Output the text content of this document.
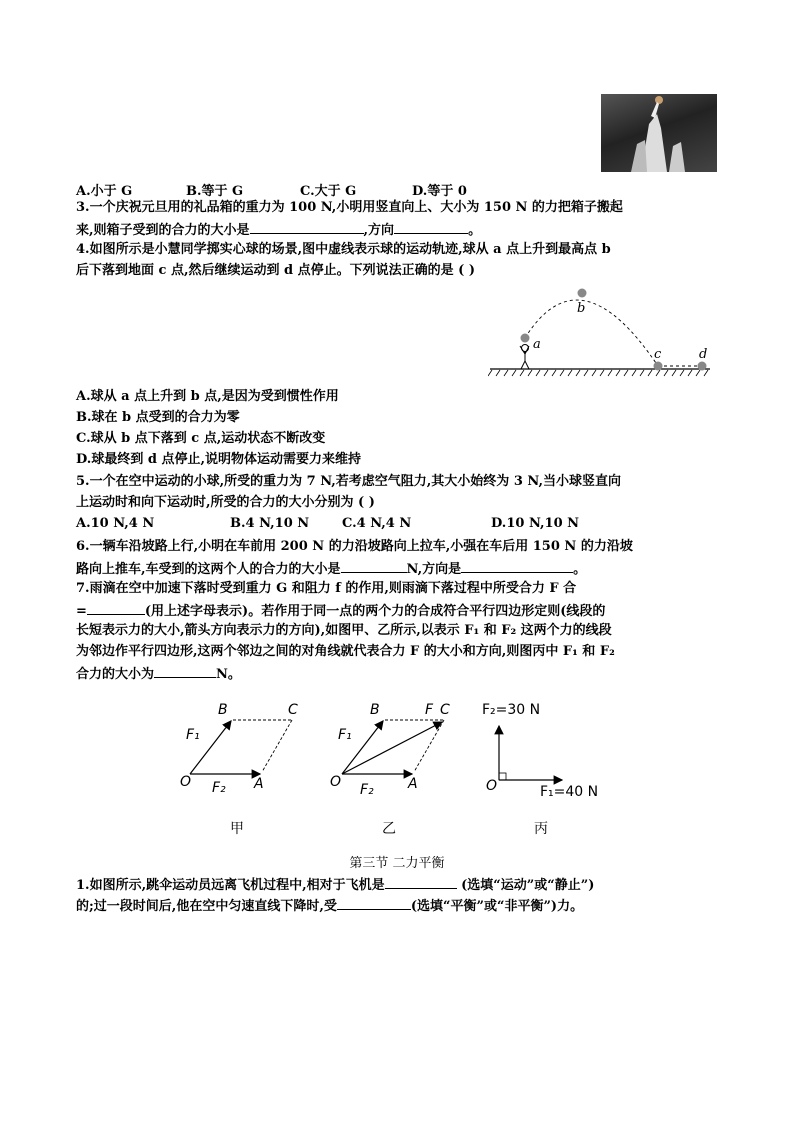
A.小于 G	B.等于 G	C.大于 G	D.等于 0
3.一个庆祝元旦用的礼品箱的重力为 100 N,小明用竖直向上、大小为 150 N 的力把箱子搬起
来,则箱子受到的合力的大小是	,方向	。
4.如图所示是小慧同学掷实心球的场景,图中虚线表示球的运动轨迹,球从 a 点上升到最高点 b
后下落到地面 c 点,然后继续运动到 d 点停止。下列说法正确的是 ( )
a
b
c	d
A.球从 a 点上升到 b 点,是因为受到惯性作用
B.球在 b 点受到的合力为零
C.球从 b 点下落到 c 点,运动状态不断改变
D.球最终到 d 点停止,说明物体运动需要力来维持
5.一个在空中运动的小球,所受的重力为 7 N,若考虑空气阻力,其大小始终为 3 N,当小球竖直向
上运动时和向下运动时,所受的合力的大小分别为 ( )
A.10 N,4 N	B.4 N,10 N	C.4 N,4 N	D.10 N,10 N
6.一辆车沿坡路上行,小明在车前用 200 N 的力沿坡路向上拉车,小强在车后用 150 N 的力沿坡
路向上推车,车受到的这两个人的合力的大小是	N,方向是	。
7.雨滴在空中加速下落时受到重力 G 和阻力 f 的作用,则雨滴下落过程中所受合力 F 合
=	(用上述字母表示)。若作用于同一点的两个力的合成符合平行四边形定则(线段的
长短表示力的大小,箭头方向表示力的方向),如图甲、乙所示,以表示 F₁ 和 F₂ 这两个力的线段
为邻边作平行四边形,这两个邻边之间的对角线就代表合力 F 的大小和方向,则图丙中 F₁ 和 F₂
合力的大小为	N。
B	C
F₁
O F₂ A
甲
B	F C
F₁
O F₂ A
乙
F₂=30 N
O	F₁=40 N
丙
第三节 二力平衡
1.如图所示,跳伞运动员远离飞机过程中,相对于飞机是	(选填“运动”或“静止”)
的;过一段时间后,他在空中匀速直线下降时,受	(选填“平衡”或“非平衡”)力。
